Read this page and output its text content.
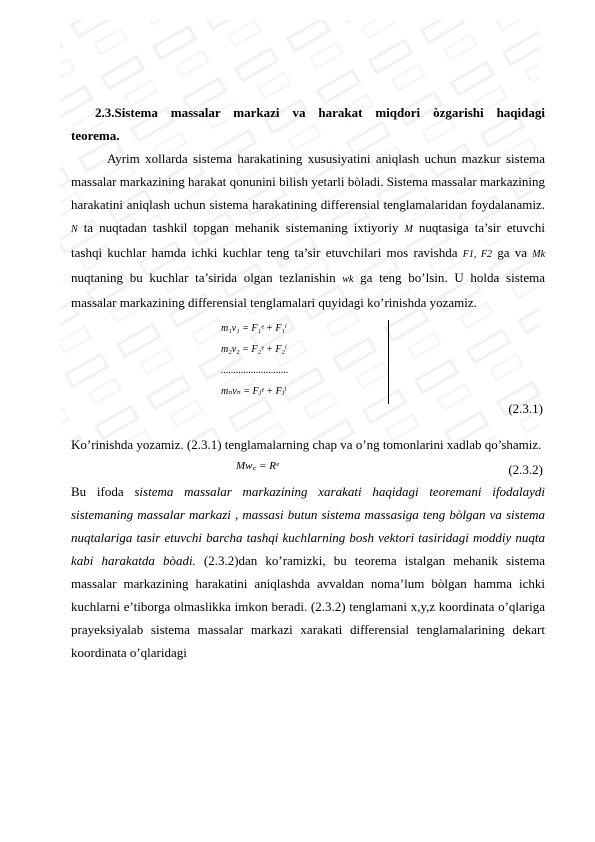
2.3.Sistema massalar markazi va harakat miqdori òzgarishi haqidagi

teorema.

Ayrim xollarda sistema harakatining xususiyatini aniqlash uchun mazkur sistema massalar markazining harakat qonunini bilish yetarli bòladi. Sistema massalar markazining harakatini aniqlash uchun sistema harakatining differensial tenglamalaridan foydalanamiz. N ta nuqtadan tashkil topgan mehanik sistemaning ixtiyoriy M nuqtasiga ta’sir etuvchi tashqi kuchlar hamda ichki kuchlar teng ta’sir etuvchilari mos ravishda F1, F2 ga va Mk nuqtaning bu kuchlar ta’sirida olgan tezlanishin wk ga teng bo’lsin. U holda sistema massalar markazining differensial tenglamalari quyidagi ko’rinishda yozamiz.

m₁v₁ = F₁ᵉ + F₁ⁱ
m₂v₂ = F₂ᵉ + F₂ⁱ
...........................
mₙvₙ = Fⱼᵉ + Fⱼⁱ
(2.3.1)

Ko’rinishda yozamiz. (2.3.1) tenglamalarning chap va o’ng tomonlarini xadlab qo’shamiz.

Mw꜀ = Rᵉ	(2.3.2)

Bu ifoda sistema massalar markazining xarakati haqidagi teoremani ifodalaydi sistemaning massalar markazi , massasi butun sistema massasiga teng bòlgan va sistema nuqtalariga tasir etuvchi barcha tashqi kuchlarning bosh vektori tasiridagi moddiy nuqta kabi harakatda bòadi. (2.3.2)dan ko’ramizki, bu teorema istalgan mehanik sistema massalar markazining harakatini aniqlashda avvaldan noma’lum bòlgan hamma ichki kuchlarni e’tiborga olmaslikka imkon beradi. (2.3.2) tenglamani x,y,z koordinata o’qlariga prayeksiyalab sistema massalar markazi xarakati differensial tenglamalarining dekart koordinata o’qlaridagi
